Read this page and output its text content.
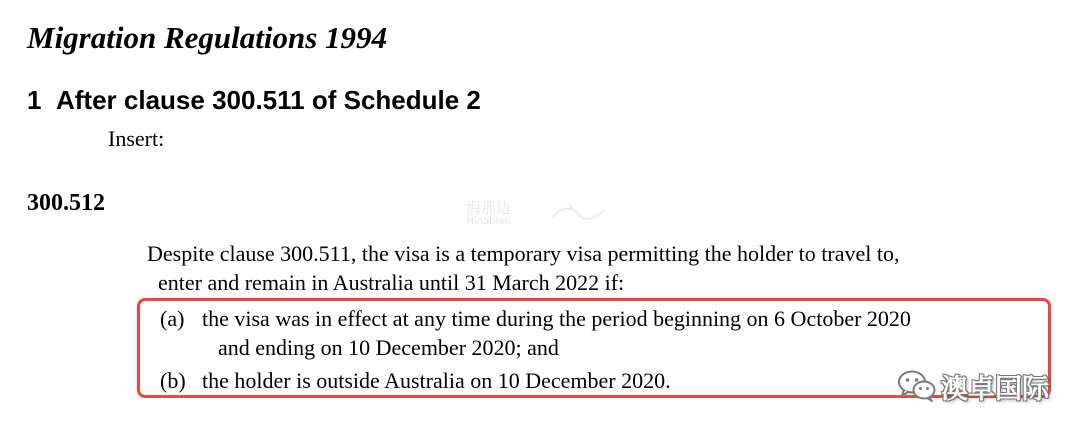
Migration Regulations 1994
1 After clause 300.511 of Schedule 2
Insert:
300.512	海那边
Hinabian
Despite clause 300.511, the visa is a temporary visa permitting the holder to travel to,
enter and remain in Australia until 31 March 2022 if:
(a) the visa was in effect at any time during the period beginning on 6 October 2020
and ending on 10 December 2020; and
(b) the holder is outside Australia on 10 December 2020.	澳卓国际
